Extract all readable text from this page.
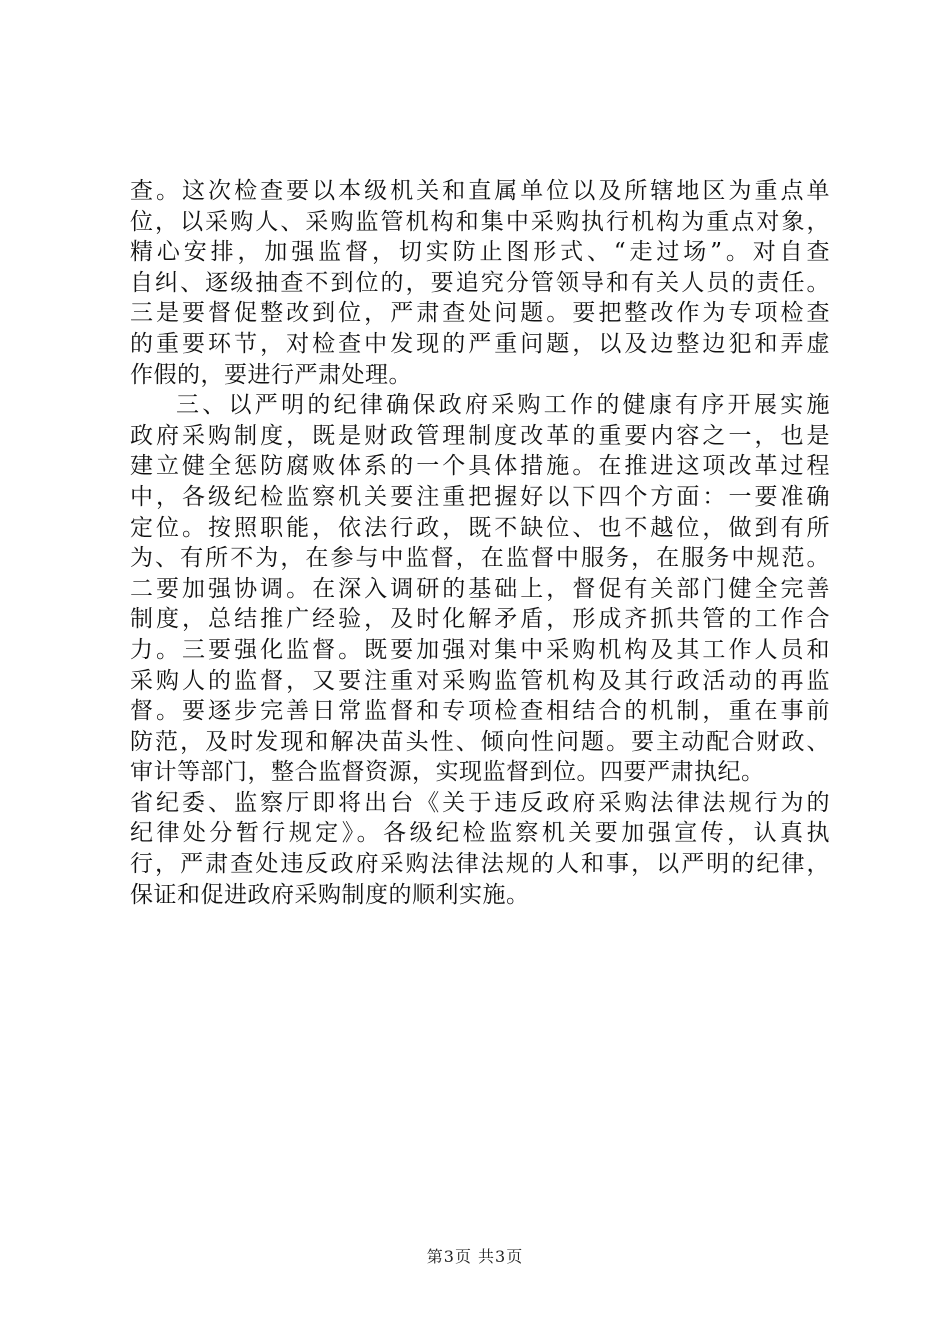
查。这次检查要以本级机关和直属单位以及所辖地区为重点单
位，以采购人、采购监管机构和集中采购执行机构为重点对象，
精心安排，加强监督，切实防止图形式、“走过场”。对自查
自纠、逐级抽查不到位的，要追究分管领导和有关人员的责任。
三是要督促整改到位，严肃查处问题。要把整改作为专项检查
的重要环节，对检查中发现的严重问题，以及边整边犯和弄虚
作假的，要进行严肃处理。
三、以严明的纪律确保政府采购工作的健康有序开展实施
政府采购制度，既是财政管理制度改革的重要内容之一，也是
建立健全惩防腐败体系的一个具体措施。在推进这项改革过程
中，各级纪检监察机关要注重把握好以下四个方面：一要准确
定位。按照职能，依法行政，既不缺位、也不越位，做到有所
为、有所不为，在参与中监督，在监督中服务，在服务中规范。
二要加强协调。在深入调研的基础上，督促有关部门健全完善
制度，总结推广经验，及时化解矛盾，形成齐抓共管的工作合
力。三要强化监督。既要加强对集中采购机构及其工作人员和
采购人的监督，又要注重对采购监管机构及其行政活动的再监
督。要逐步完善日常监督和专项检查相结合的机制，重在事前
防范，及时发现和解决苗头性、倾向性问题。要主动配合财政、
审计等部门，整合监督资源，实现监督到位。四要严肃执纪。
省纪委、监察厅即将出台《关于违反政府采购法律法规行为的
纪律处分暂行规定》。各级纪检监察机关要加强宣传，认真执
行，严肃查处违反政府采购法律法规的人和事，以严明的纪律，
保证和促进政府采购制度的顺利实施。
第3页 共3页
